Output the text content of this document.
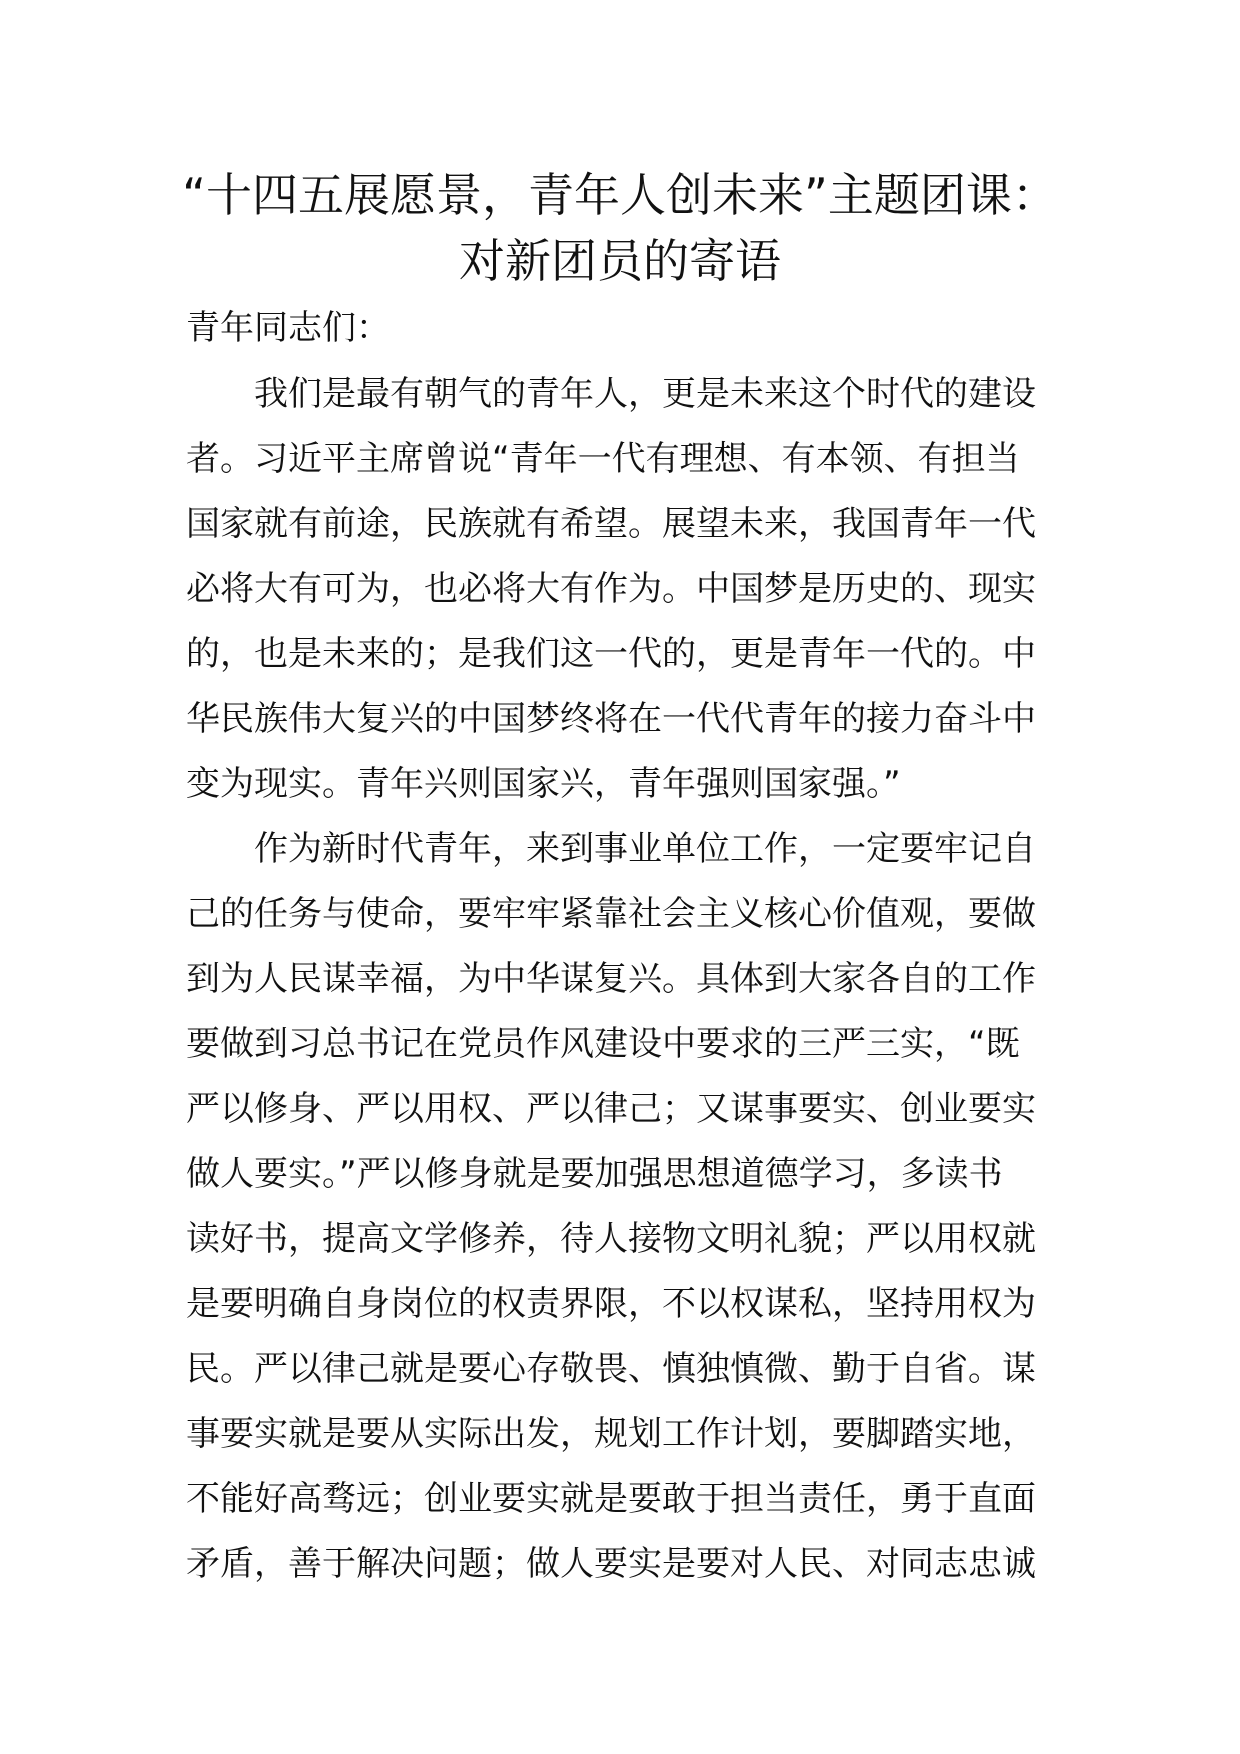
“十四五展愿景，青年人创未来”主题团课：
对新团员的寄语

青年同志们：

　　我们是最有朝气的青年人，更是未来这个时代的建设
者。习近平主席曾说“青年一代有理想、有本领、有担当
国家就有前途，民族就有希望。展望未来，我国青年一代
必将大有可为，也必将大有作为。中国梦是历史的、现实
的，也是未来的；是我们这一代的，更是青年一代的。中
华民族伟大复兴的中国梦终将在一代代青年的接力奋斗中
变为现实。青年兴则国家兴，青年强则国家强。”
　　作为新时代青年，来到事业单位工作，一定要牢记自
己的任务与使命，要牢牢紧靠社会主义核心价值观，要做
到为人民谋幸福，为中华谋复兴。具体到大家各自的工作
要做到习总书记在党员作风建设中要求的三严三实，“既
严以修身、严以用权、严以律己；又谋事要实、创业要实
做人要实。”严以修身就是要加强思想道德学习，多读书
读好书，提高文学修养，待人接物文明礼貌；严以用权就
是要明确自身岗位的权责界限，不以权谋私，坚持用权为
民。严以律己就是要心存敬畏、慎独慎微、勤于自省。谋
事要实就是要从实际出发，规划工作计划，要脚踏实地，
不能好高骛远；创业要实就是要敢于担当责任，勇于直面
矛盾，善于解决问题；做人要实是要对人民、对同志忠诚
